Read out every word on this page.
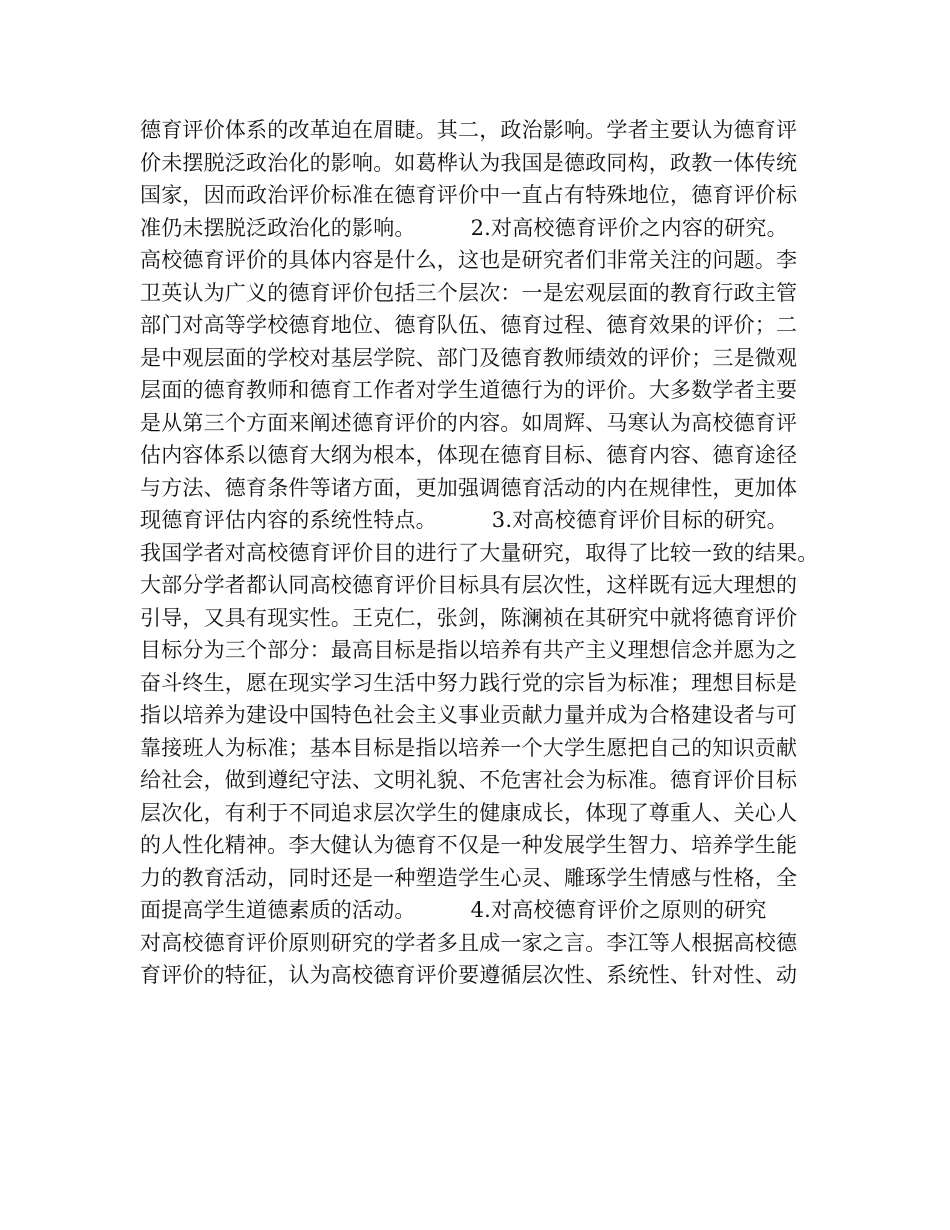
德育评价体系的改革迫在眉睫。其二，政治影响。学者主要认为德育评
价未摆脱泛政治化的影响。如葛桦认为我国是德政同构，政教一体传统
国家，因而政治评价标准在德育评价中一直占有特殊地位，德育评价标
准仍未摆脱泛政治化的影响。        2.对高校德育评价之内容的研究。
高校德育评价的具体内容是什么，这也是研究者们非常关注的问题。李
卫英认为广义的德育评价包括三个层次：一是宏观层面的教育行政主管
部门对高等学校德育地位、德育队伍、德育过程、德育效果的评价；二
是中观层面的学校对基层学院、部门及德育教师绩效的评价；三是微观
层面的德育教师和德育工作者对学生道德行为的评价。大多数学者主要
是从第三个方面来阐述德育评价的内容。如周辉、马寒认为高校德育评
估内容体系以德育大纲为根本，体现在德育目标、德育内容、德育途径
与方法、德育条件等诸方面，更加强调德育活动的内在规律性，更加体
现德育评估内容的系统性特点。        3.对高校德育评价目标的研究。
我国学者对高校德育评价目的进行了大量研究，取得了比较一致的结果。
大部分学者都认同高校德育评价目标具有层次性，这样既有远大理想的
引导，又具有现实性。王克仁，张剑，陈澜祯在其研究中就将德育评价
目标分为三个部分：最高目标是指以培养有共产主义理想信念并愿为之
奋斗终生，愿在现实学习生活中努力践行党的宗旨为标准；理想目标是
指以培养为建设中国特色社会主义事业贡献力量并成为合格建设者与可
靠接班人为标准；基本目标是指以培养一个大学生愿把自己的知识贡献
给社会，做到遵纪守法、文明礼貌、不危害社会为标准。德育评价目标
层次化，有利于不同追求层次学生的健康成长，体现了尊重人、关心人
的人性化精神。李大健认为德育不仅是一种发展学生智力、培养学生能
力的教育活动，同时还是一种塑造学生心灵、雕琢学生情感与性格，全
面提高学生道德素质的活动。        4.对高校德育评价之原则的研究
对高校德育评价原则研究的学者多且成一家之言。李江等人根据高校德
育评价的特征，认为高校德育评价要遵循层次性、系统性、针对性、动
